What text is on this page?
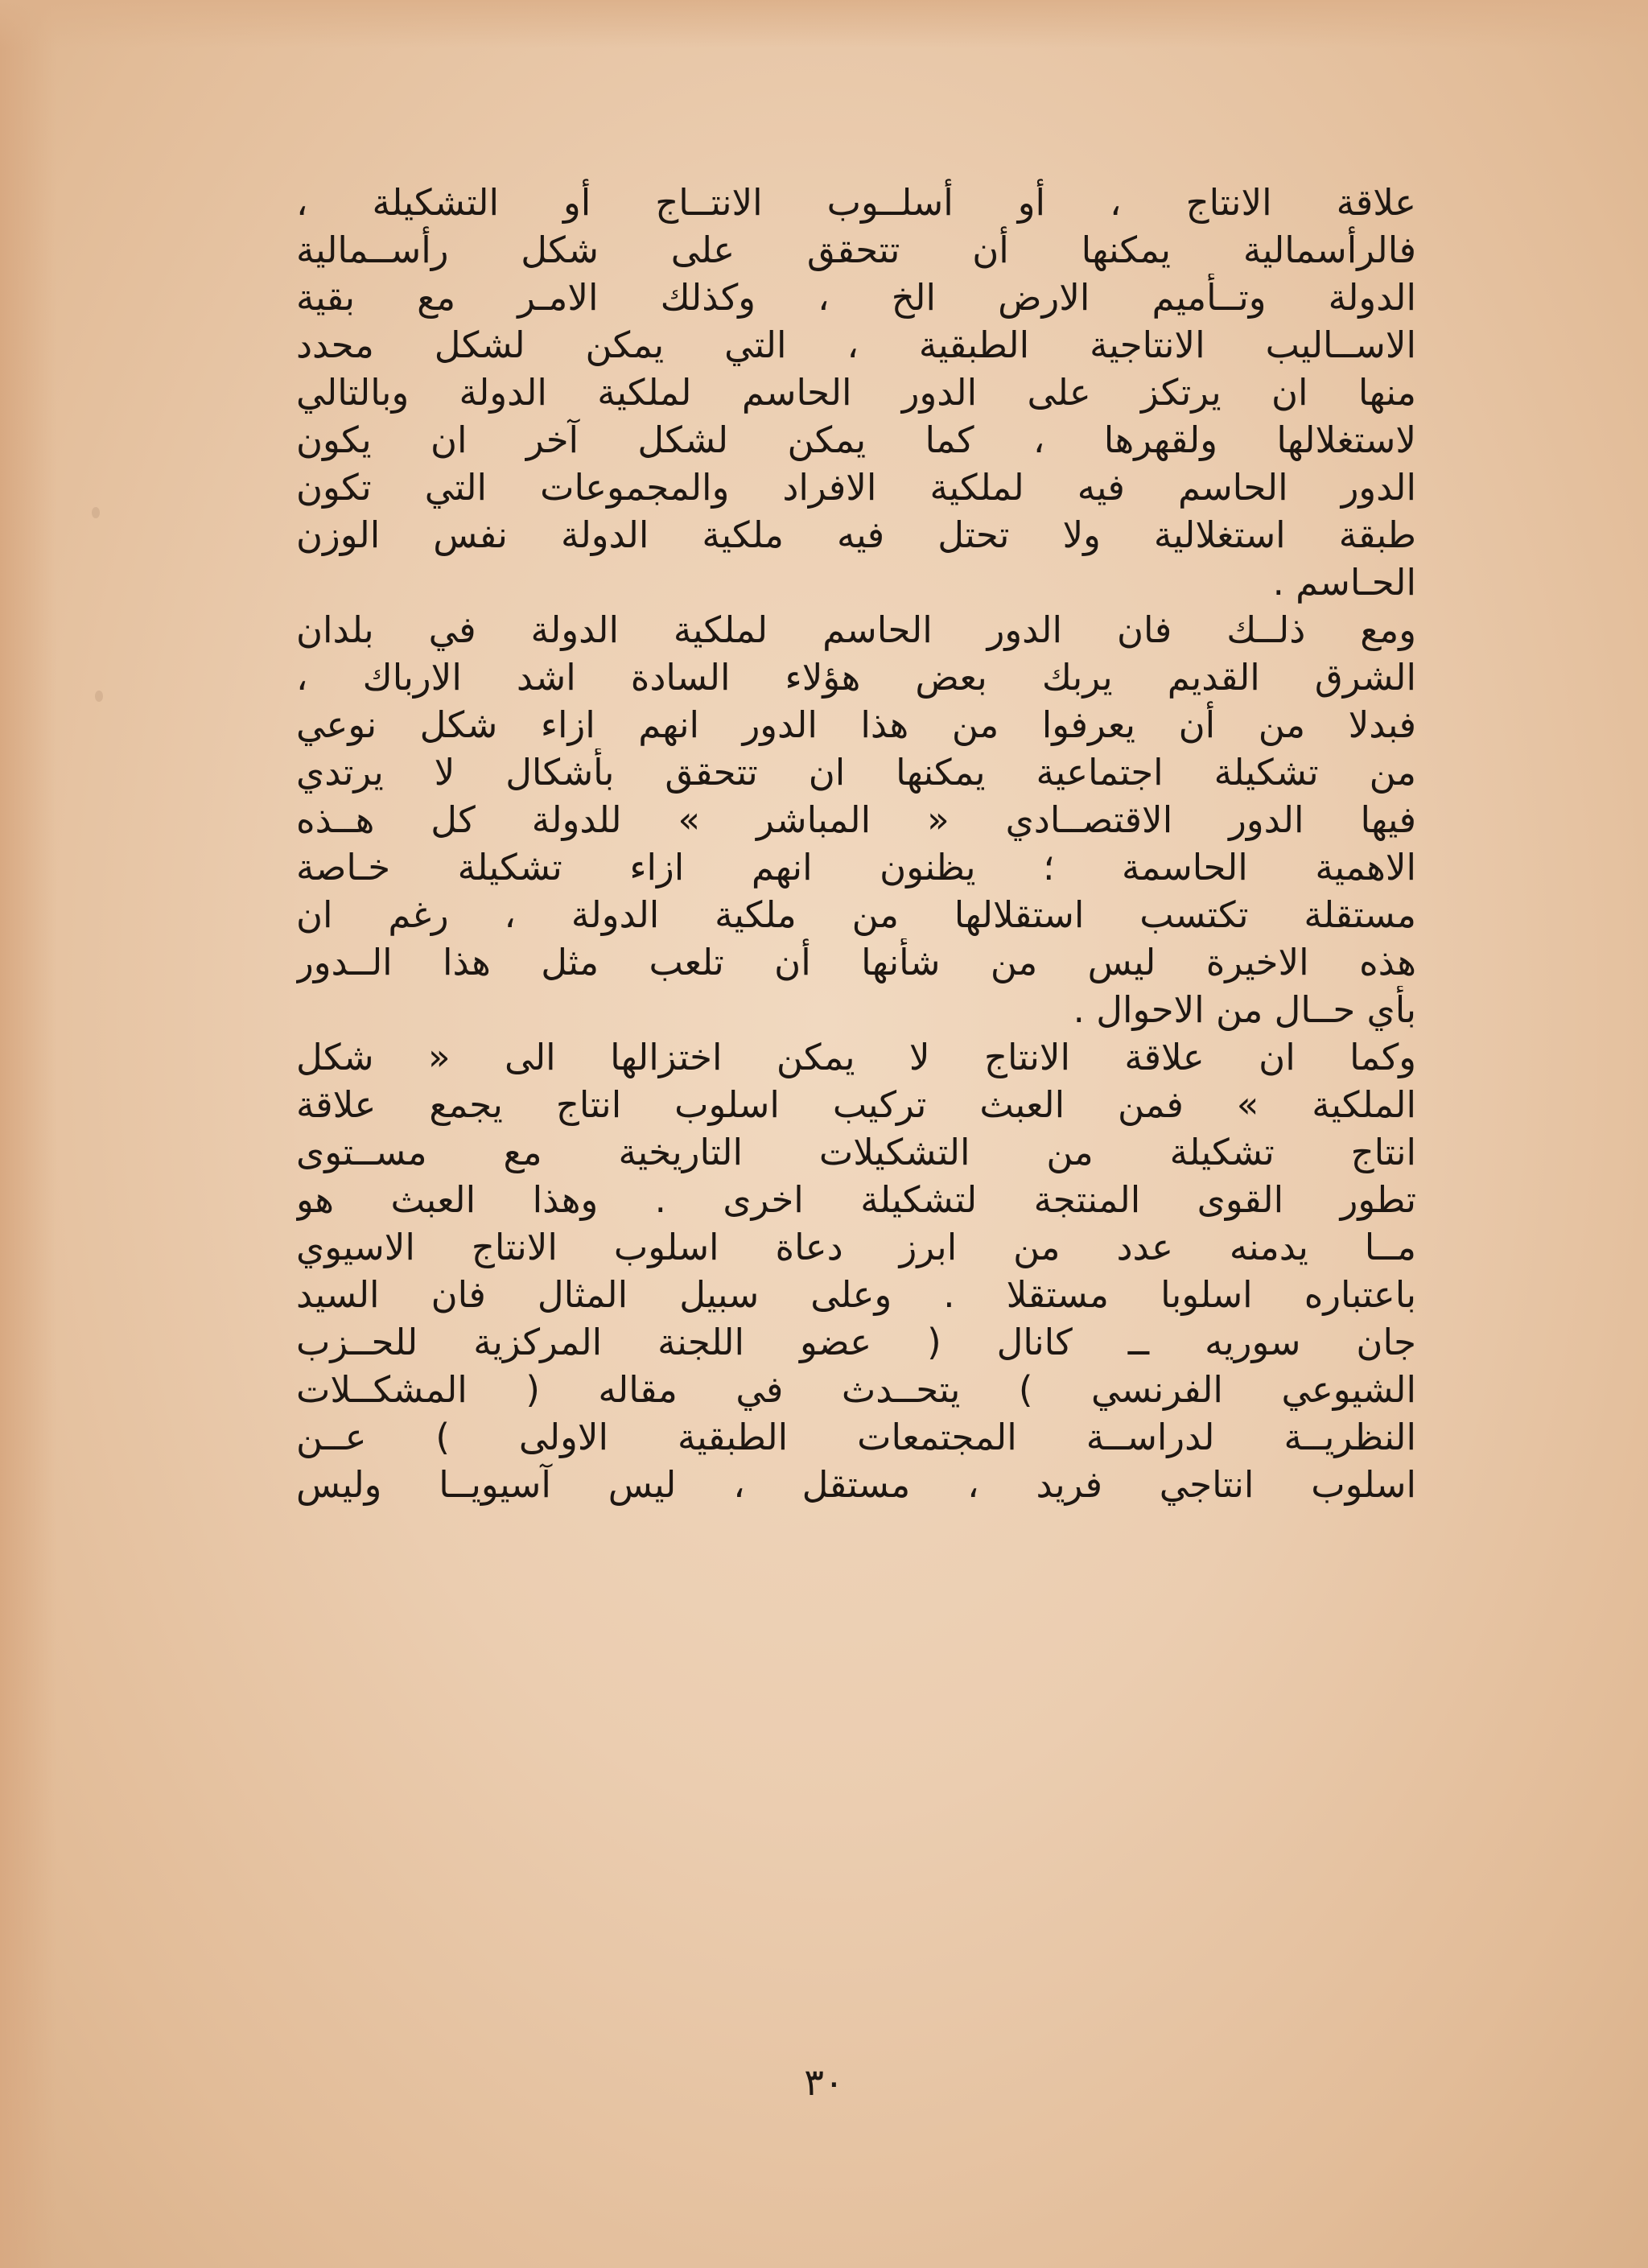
علاقة الانتاج ، أو أسلــوب الانتــاج أو التشكيلة ،
فالرأسمالية يمكنها أن تتحقق على شكل رأســمالية
الدولة وتــأميم الارض الخ ، وكذلك الامـر مع بقية
الاســاليب الانتاجية الطبقية ، التي يمكن لشكل محدد
منها ان يرتكز على الدور الحاسم لملكية الدولة وبالتالي
لاستغلالها ولقهرها ، كما يمكن لشكل آخر ان يكون
الدور الحاسم فيه لملكية الافراد والمجموعات التي تكون
طبقة استغلالية ولا تحتل فيه ملكية الدولة نفس الوزن
الحـاسم .
ومع ذلــك فان الدور الحاسم لملكية الدولة في بلدان
الشرق القديم يربك بعض هؤلاء السادة اشد الارباك ،
فبدلا من أن يعرفوا من هذا الدور انهم ازاء شكل نوعي
من تشكيلة اجتماعية يمكنها ان تتحقق بأشكال لا يرتدي
فيها الدور الاقتصــادي « المباشر » للدولة كل هــذه
الاهمية الحاسمة ؛ يظنون انهم ازاء تشكيلة خـاصة
مستقلة تكتسب استقلالها من ملكية الدولة ، رغم ان
هذه الاخيرة ليس من شأنها أن تلعب مثل هذا الــدور
بأي حــال من الاحوال .
وكما ان علاقة الانتاج لا يمكن اختزالها الى « شكل
الملكية » فمن العبث تركيب اسلوب انتاج يجمع علاقة
انتاج تشكيلة من التشكيلات التاريخية مع مســتوى
تطور القوى المنتجة لتشكيلة اخرى . وهذا العبث هو
مــا يدمنه عدد من ابرز دعاة اسلوب الانتاج الاسيوي
باعتباره اسلوبا مستقلا . وعلى سبيل المثال فان السيد
جان سوريه ــ كانال ( عضو اللجنة المركزية للحــزب
الشيوعي الفرنسي ) يتحــدث في مقاله ( المشكــلات
النظريــة لدراســة المجتمعات الطبقية الاولى ) عــن
اسلوب انتاجي فريد ، مستقل ، ليس آسيويــا وليس
٣٠
